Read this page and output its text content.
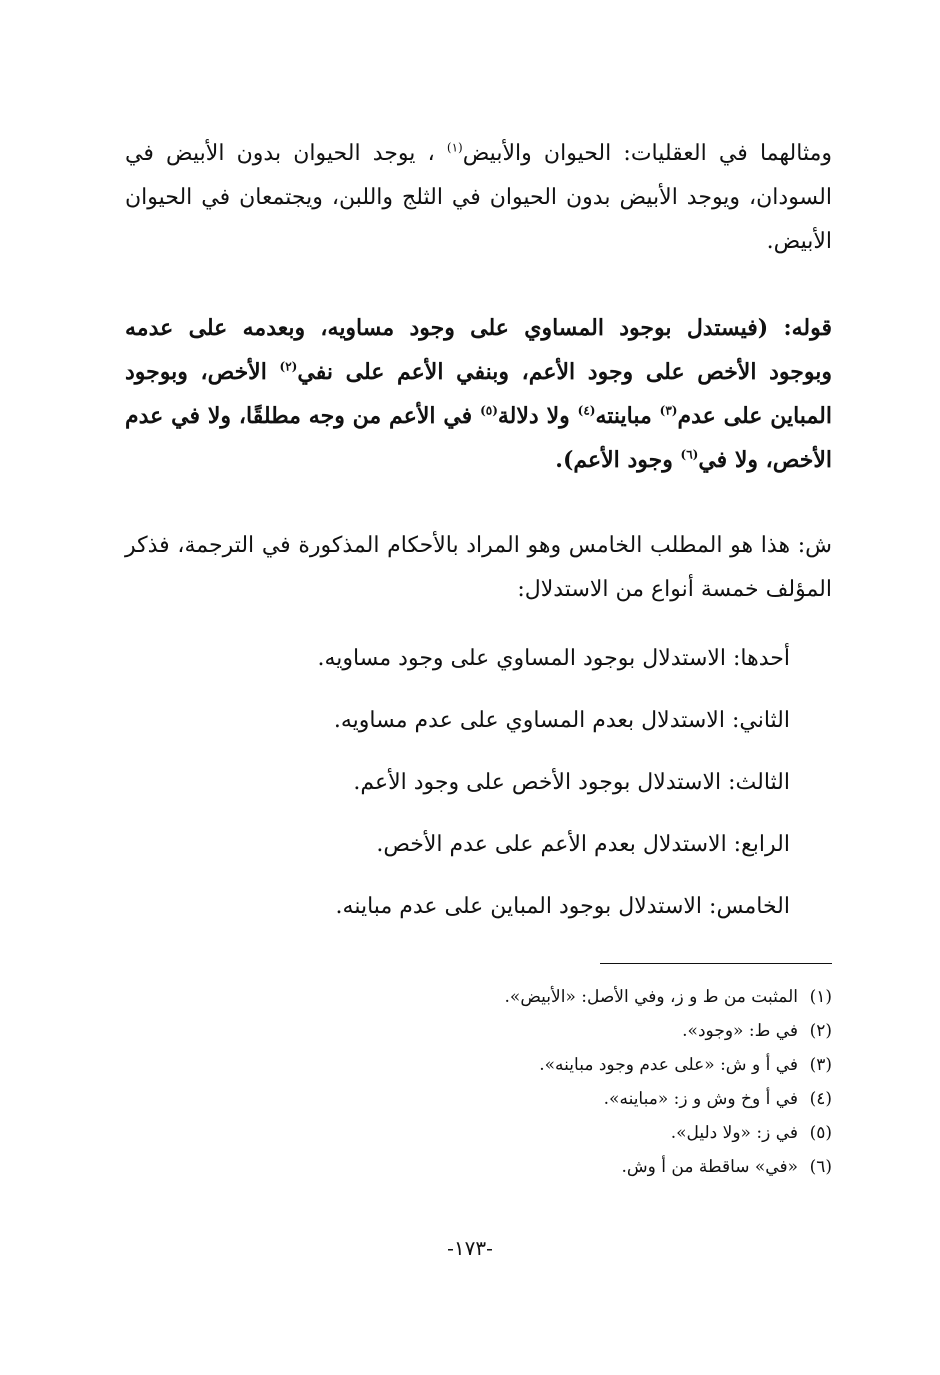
ومثالهما في العقليات: الحيوان والأبيض$^{(١)}$ ، يوجد الحيوان بدون الأبيض في السودان، ويوجد الأبيض بدون الحيوان في الثلج واللبن، ويجتمعان في الحيوان الأبيض.
قوله: (فيستدل بوجود المساوي على وجود مساويه، وبعدمه على عدمه وبوجود الأخص على وجود الأعم، وبنفي الأعم على نفي$^{(٢)}$ الأخص، وبوجود المباين على عدم$^{(٣)}$ مباينته$^{(٤)}$ ولا دلالة$^{(٥)}$ في الأعم من وجه مطلقًا، ولا في عدم الأخص، ولا في$^{(٦)}$ وجود الأعم).
ش: هذا هو المطلب الخامس وهو المراد بالأحكام المذكورة في الترجمة، فذكر المؤلف خمسة أنواع من الاستدلال:
أحدها: الاستدلال بوجود المساوي على وجود مساويه.
الثاني: الاستدلال بعدم المساوي على عدم مساويه.
الثالث: الاستدلال بوجود الأخص على وجود الأعم.
الرابع: الاستدلال بعدم الأعم على عدم الأخص.
الخامس: الاستدلال بوجود المباين على عدم مباينه.
(١)المثبت من ط و ز، وفي الأصل: «الأبيض».
(٢)في ط: «وجود».
(٣)في أ و ش: «على عدم وجود مباينه».
(٤)في أ وخ وش و ز: «مباينه».
(٥)في ز: «ولا دليل».
(٦)«في» ساقطة من أ وش.
-١٧٣-
